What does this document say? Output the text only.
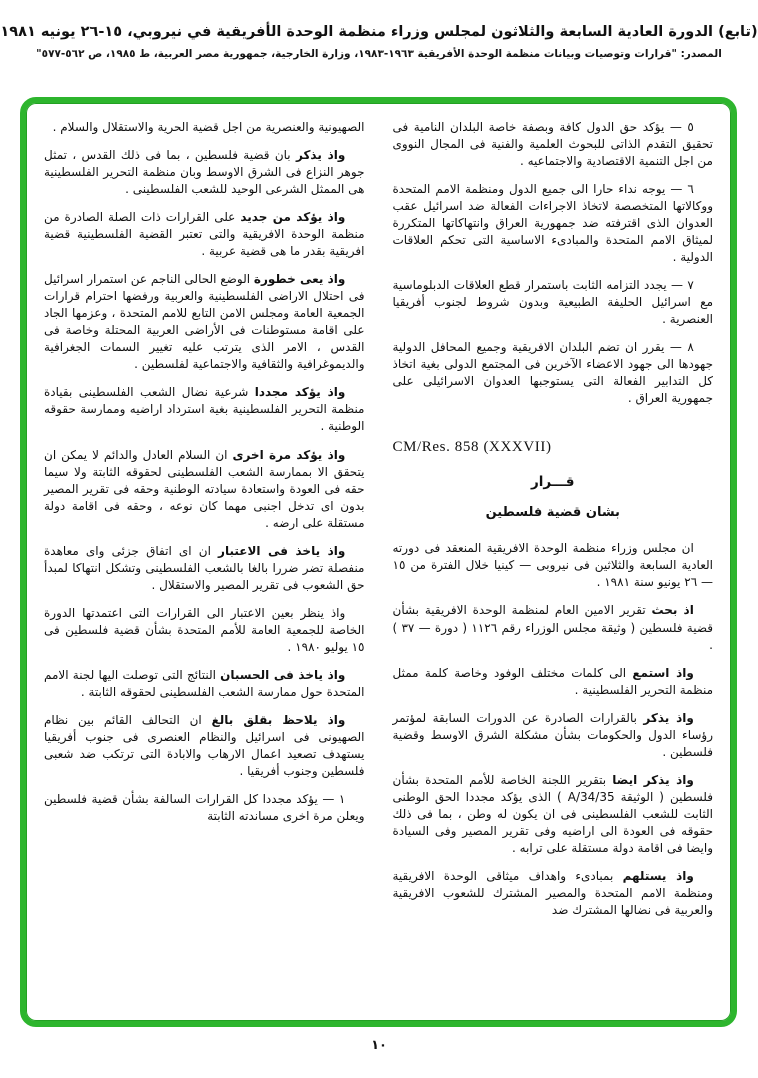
(تابع) الدورة العادية السابعة والثلاثون لمجلس وزراء منظمة الوحدة الأفريقية في نيروبي، ١٥-٢٦ يونيه ١٩٨١
المصدر: "قرارات وتوصيات وبيانات منظمة الوحدة الأفريقية ١٩٦٣-١٩٨٣، وزارة الخارجية، جمهورية مصر العربية، ط ١٩٨٥، ص ٥٦٢-٥٧٧"

٥ — يؤكد حق الدول كافة وبصفة خاصة البلدان النامية فى تحقيق التقدم الذاتى للبحوث العلمية والفنية فى المجال النووى من اجل التنمية الاقتصادية والاجتماعيه .

٦ — يوجه نداء حارا الى جميع الدول ومنظمة الامم المتحدة ووكالاتها المتخصصة لاتخاذ الاجراءات الفعالة ضد اسرائيل عقب العدوان الذى اقترفته ضد جمهورية العراق وانتهاكاتها المتكررة لميثاق الامم المتحدة والمبادىء الاساسية التى تحكم العلاقات الدولية .

٧ — يجدد التزامه الثابت باستمرار قطع العلاقات الدبلوماسية مع اسرائيل الحليفة الطبيعية وبدون شروط لجنوب أفريقيا العنصرية .

٨ — يقرر ان تضم البلدان الافريقية وجميع المحافل الدولية جهودها الى جهود الاعضاء الآخرين فى المجتمع الدولى بغية اتخاذ كل التدابير الفعالة التى يستوجبها العدوان الاسرائيلى على جمهورية العراق .

CM/Res. 858 (XXXVII)
قـــرار
بشان قضية فلسطين

ان مجلس وزراء منظمة الوحدة الافريقية المنعقد فى دورته العادية السابعة والثلاثين فى نيروبى — كينيا خلال الفترة من ١٥ — ٢٦ يونيو سنة ١٩٨١ .

اذ بحث تقرير الامين العام لمنظمة الوحدة الافريقية بشأن قضية فلسطين ( وثيقة مجلس الوزراء رقم ١١٢٦ ( دورة — ٣٧ ) .

واذ استمع الى كلمات مختلف الوفود وخاصة كلمة ممثل منظمة التحرير الفلسطينية .

واذ يذكر بالقرارات الصادرة عن الدورات السابقة لمؤتمر رؤساء الدول والحكومات بشأن مشكلة الشرق الاوسط وقضية فلسطين .

واذ يذكر ايضا بتقرير اللجنة الخاصة للأمم المتحدة بشأن فلسطين ( الوثيقة A/34/35 ) الذى يؤكد مجددا الحق الوطنى الثابت للشعب الفلسطينى فى ان يكون له وطن ، بما فى ذلك حقوقه فى العودة الى اراضيه وفى تقرير المصير وفى السيادة وايضا فى اقامة دولة مستقلة على ترابه .

واذ يستلهم بمبادىء واهداف ميثاقى الوحدة الافريقية ومنظمة الامم المتحدة والمصير المشترك للشعوب الافريقية والعربية فى نضالها المشترك ضد

الصهيونية والعنصرية من اجل قضية الحرية والاستقلال والسلام .

واذ يذكر بان قضية فلسطين ، بما فى ذلك القدس ، تمثل جوهر النزاع فى الشرق الاوسط وبان منظمة التحرير الفلسطينية هى الممثل الشرعى الوحيد للشعب الفلسطينى .

واذ يؤكد من جديد على القرارات ذات الصلة الصادرة من منظمة الوحدة الافريقية والتى تعتبر القضية الفلسطينية قضية افريقية بقدر ما هى قضية عربية .

واذ يعى خطورة الوضع الحالى الناجم عن استمرار اسرائيل فى احتلال الاراضى الفلسطينية والعربية ورفضها احترام قرارات الجمعية العامة ومجلس الامن التابع للامم المتحدة ، وعزمها الجاد على اقامة مستوطنات فى الأراضى العربية المحتلة وخاصة فى القدس ، الامر الذى يترتب عليه تغيير السمات الجغرافية والديموغرافية والثقافية والاجتماعية لفلسطين .

واذ يؤكد مجددا شرعية نضال الشعب الفلسطينى بقيادة منظمة التحرير الفلسطينية بغية استرداد اراضيه وممارسة حقوقه الوطنية .

واذ يؤكد مرة اخرى ان السلام العادل والدائم لا يمكن ان يتحقق الا بممارسة الشعب الفلسطينى لحقوقه الثابتة ولا سيما حقه فى العودة واستعادة سيادته الوطنية وحقه فى تقرير المصير بدون اى تدخل اجنبى مهما كان نوعه ، وحقه فى اقامة دولة مستقلة على ارضه .

واذ ياخذ فى الاعتبار ان اى اتفاق جزئى واى معاهدة منفصلة تضر ضررا بالغا بالشعب الفلسطينى وتشكل انتهاكا لمبدأ حق الشعوب فى تقرير المصير والاستقلال .

واذ ينظر بعين الاعتبار الى القرارات التى اعتمدتها الدورة الخاصة للجمعية العامة للأمم المتحدة بشأن قضية فلسطين فى ١٥ يوليو ١٩٨٠ .

واذ ياخذ فى الحسبان النتائج التى توصلت اليها لجنة الامم المتحدة حول ممارسة الشعب الفلسطينى لحقوقه الثابتة .

واذ يلاحظ بقلق بالغ ان التحالف القائم بين نظام الصهيونى فى اسرائيل والنظام العنصرى فى جنوب أفريقيا يستهدف تصعيد اعمال الارهاب والابادة التى ترتكب ضد شعبى فلسطين وجنوب أفريقيا .

١ — يؤكد مجددا كل القرارات السالفة بشأن قضية فلسطين ويعلن مرة اخرى مساندته الثابتة

١٠
